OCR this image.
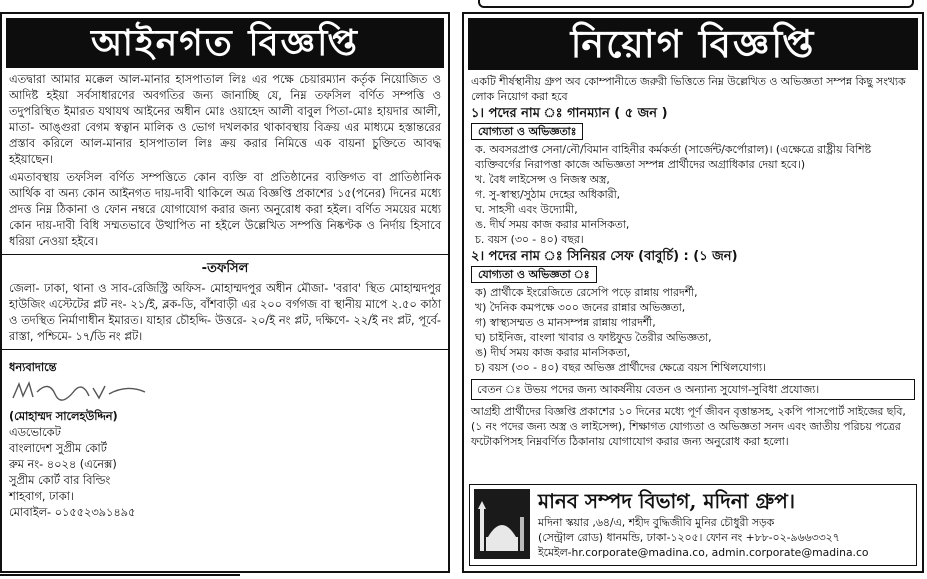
আইনগত বিজ্ঞপ্তি

এতদ্বারা আমার মক্কেল আল-মানার হাসপাতাল লিঃ এর পক্ষে চেয়ারম্যান কর্তৃক নিয়োজিত ও আদিষ্ট হইয়া সর্বসাধারণের অবগতির জন্য জানাচ্ছি যে, নিম্ন তফসিল বর্ণিত সম্পত্তি ও তদুপরিস্থিত ইমারত যথাযথ আইনের অধীন মোঃ ওয়াহেদ আলী বাবুল পিতা-মোঃ হায়দার আলী, মাতা- আঙ্গুরা বেগম স্বত্বান মালিক ও ভোগ দখলকার থাকাবস্থায় বিক্রয় এর মাধ্যমে হস্তান্তরের প্রস্তাব করিলে আল-মানার হাসপাতাল লিঃ ক্রয় করার নিমিত্তে এক বায়না চুক্তিতে আবদ্ধ হইয়াছেন।

এমতাবস্থায় তফসিল বর্ণিত সম্পত্তিতে কোন ব্যক্তি বা প্রতিষ্ঠানের ব্যক্তিগত বা প্রাতিষ্ঠানিক আর্থিক বা অন্য কোন আইনগত দায়-দাবী থাকিলে অত্র বিজ্ঞপ্তি প্রকাশের ১৫(পনের) দিনের মধ্যে প্রদত্ত নিম্ন ঠিকানা ও ফোন নম্বরে যোগাযোগ করার জন্য অনুরোধ করা হইল। বর্ণিত সময়ের মধ্যে কোন দায়-দাবী বিধি সম্মতভাবে উত্থাপিত না হইলে উল্লেখিত সম্পত্তি নিষ্কণ্টক ও নির্দায় হিসাবে ধরিয়া নেওয়া হইবে।

-তফসিল

জেলা- ঢাকা, থানা ও সাব-রেজিস্ট্রি অফিস- মোহাম্মদপুর অধীন মৌজা- 'বরাব' স্থিত মোহাম্মদপুর হাউজিং এস্টেটের প্লট নং- ২১/ই, ব্লক-ডি, বাঁশবাড়ী এর ২০০ বর্গগজ বা স্থানীয় মাপে ২.৫০ কাঠা ও তদস্থিত নির্মাণাধীন ইমারত। যাহার চৌহদ্দি- উত্তরে- ২০/ই নং প্লট, দক্ষিণে- ২২/ই নং প্লট, পূর্বে- রাস্তা, পশ্চিমে- ১৭/ডি নং প্লট।

ধন্যবাদান্তে
(মোহাম্মদ সালেহউদ্দিন)
এডভোকেট
বাংলাদেশ সুপ্রীম কোর্ট
রুম নং- ৪০২৪ (এনেক্স)
সুপ্রীম কোর্ট বার বিল্ডিং
শাহবাগ, ঢাকা।
মোবাইল- ০১৫৫২৩৯১৪৯৫
নিয়োগ বিজ্ঞপ্তি

একটি শীর্ষস্থানীয় গ্রুপ অব কোম্পানীতে জরুরী ভিত্তিতে নিম্ন উল্লেখিত ও অভিজ্ঞতা সম্পন্ন কিছু সংখ্যক লোক নিয়োগ করা হবে

১। পদের নাম ঃ গানম্যান ( ৫ জন )
যোগ্যতা ও অভিজ্ঞতাঃ
ক. অবসরপ্রাপ্ত সেনা/নৌ/বিমান বাহিনীর কর্মকর্তা (সার্জেন্ট/কর্পোরাল)। (এক্ষেত্রে রাষ্ট্রীয় বিশিষ্ট ব্যক্তিবর্গের নিরাপত্তা কাজে অভিজ্ঞতা সম্পন্ন প্রার্থীদের অগ্রাধিকার দেয়া হবে।)
খ. বৈধ লাইসেন্স ও নিজস্ব অস্ত্র,
গ. সু-স্বাস্থ্য/সুঠাম দেহের অধিকারী,
ঘ. সাহসী এবং উদ্যোমী,
ঙ. দীর্ঘ সময় কাজ করার মানসিকতা,
চ. বয়স (৩০ - ৪০) বছর।
২। পদের নাম ঃ সিনিয়র সেফ (বাবুর্চি) : (১ জন)
যোগ্যতা ও অভিজ্ঞতা ঃ
ক) প্রার্থীকে ইংরেজিতে রেসেপি পড়ে রান্নায় পারদর্শী,
খ) দৈনিক কমপক্ষে ৩০০ জনের রান্নার অভিজ্ঞতা,
গ) স্বাস্থ্যসম্মত ও মানসম্পন্ন রান্নায় পারদর্শী,
ঘ) চাইনিজ, বাংলা খাবার ও ফাষ্টফুড তৈরীর অভিজ্ঞতা,
ঙ) দীর্ঘ সময় কাজ করার মানসিকতা,
চ) বয়স (৩০ - ৪০) বছর অভিজ্ঞ প্রার্থীদের ক্ষেত্রে বয়স শিথিলযোগ্য।
বেতন ঃ উভয় পদের জন্য আকর্ষনীয় বেতন ও অন্যান্য সুযোগ-সুবিধা প্রযোজ্য।

আগ্রহী প্রার্থীদের বিজ্ঞপ্তি প্রকাশের ১০ দিনের মধ্যে পূর্ণ জীবন বৃত্তান্তসহ, ২কপি পাসপোর্ট সাইজের ছবি, (১ নং পদের জন্য অস্ত্র ও লাইসেন্স), শিক্ষাগত যোগ্যতা ও অভিজ্ঞতা সনদ এবং জাতীয় পরিচয় পত্রের ফটোকপিসহ নিম্নবর্ণিত ঠিকানায় যোগাযোগ করার জন্য অনুরোধ করা হলো।

মানব সম্পদ বিভাগ, মদিনা গ্রুপ।
মদিনা স্কয়ার ,৬৪/এ, শহীদ বুদ্ধিজীবি মুনির চৌধুরী সড়ক
(সেন্ট্রাল রোড) ধানমন্ডি, ঢাকা-১২০৫। ফোন নং +৮৮-০২-৯৬৬৩৩২৭
ইমেইল-hr.corporate@madina.co, admin.corporate@madina.co
